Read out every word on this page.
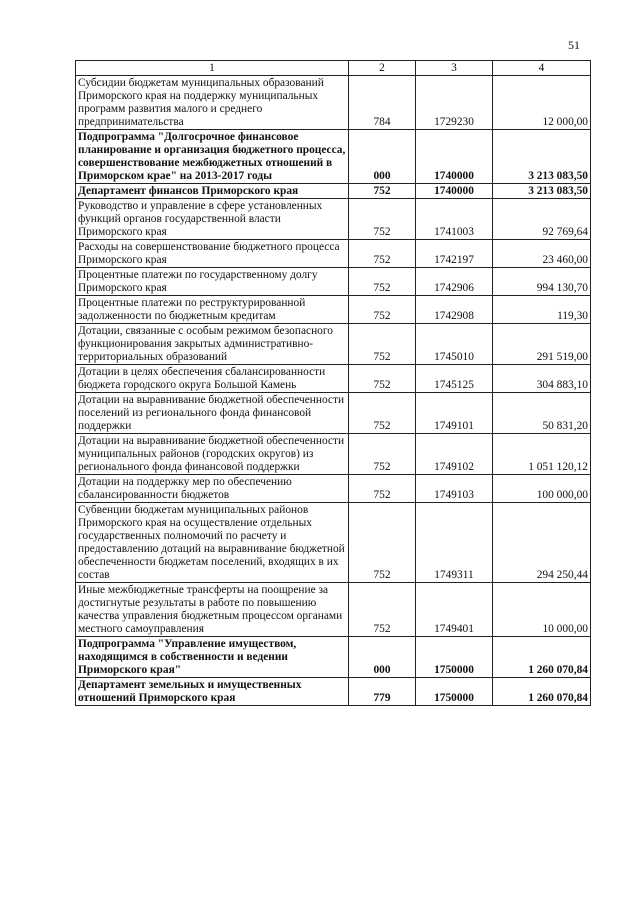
51
1	2	3	4
Субсидии бюджетам муниципальных образований Приморского края на поддержку муниципальных программ развития малого и среднего предпринимательства	784	1729230	12 000,00
Подпрограмма "Долгосрочное финансовое планирование и организация бюджетного процесса, совершенствование межбюджетных отношений в Приморском крае" на 2013-2017 годы	000	1740000	3 213 083,50
Департамент финансов Приморского края	752	1740000	3 213 083,50
Руководство и управление в сфере установленных функций органов государственной власти Приморского края	752	1741003	92 769,64
Расходы на совершенствование бюджетного процесса Приморского края	752	1742197	23 460,00
Процентные платежи по государственному долгу Приморского края	752	1742906	994 130,70
Процентные платежи по реструктурированной задолженности по бюджетным кредитам	752	1742908	119,30
Дотации, связанные с особым режимом безопасного функционирования закрытых административно-территориальных образований	752	1745010	291 519,00
Дотации в целях обеспечения сбалансированности бюджета городского округа Большой Камень	752	1745125	304 883,10
Дотации на выравнивание бюджетной обеспеченности поселений из регионального фонда финансовой поддержки	752	1749101	50 831,20
Дотации на выравнивание бюджетной обеспеченности муниципальных районов (городских округов) из регионального фонда финансовой поддержки	752	1749102	1 051 120,12
Дотации на поддержку мер по обеспечению сбалансированности бюджетов	752	1749103	100 000,00
Субвенции бюджетам муниципальных районов Приморского края на осуществление отдельных государственных полномочий по расчету и предоставлению дотаций на выравнивание бюджетной обеспеченности бюджетам поселений, входящих в их состав	752	1749311	294 250,44
Иные межбюджетные трансферты на поощрение за достигнутые результаты в работе по повышению качества управления бюджетным процессом органами местного самоуправления	752	1749401	10 000,00
Подпрограмма "Управление имуществом, находящимся в собственности и ведении Приморского края"	000	1750000	1 260 070,84
Департамент земельных и имущественных отношений Приморского края	779	1750000	1 260 070,84
